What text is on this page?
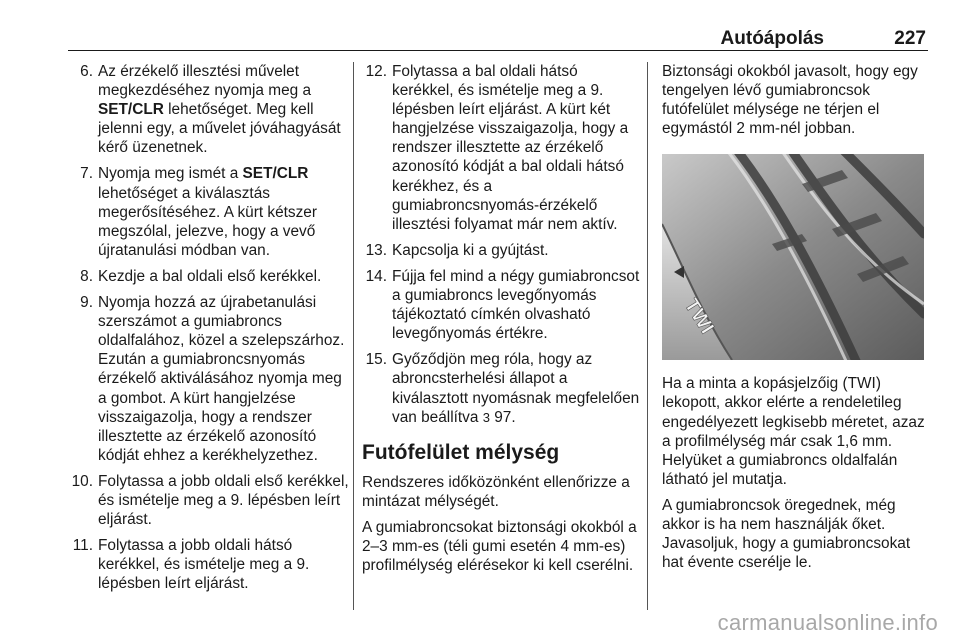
Autóápolás	227
6. Az érzékelő illesztési művelet megkezdéséhez nyomja meg a SET/CLR lehetőséget. Meg kell jelenni egy, a művelet jóváhagyását kérő üzenetnek.
7. Nyomja meg ismét a SET/CLR lehetőséget a kiválasztás megerősítéséhez. A kürt kétszer megszólal, jelezve, hogy a vevő újratanulási módban van.
8. Kezdje a bal oldali első kerékkel.
9. Nyomja hozzá az újrabetanulási szerszámot a gumiabroncs oldalfalához, közel a szelepszárhoz. Ezután a gumiabroncsnyomás érzékelő aktiválásához nyomja meg a gombot. A kürt hangjelzése visszaigazolja, hogy a rendszer illesztette az érzékelő azonosító kódját ehhez a kerékhelyzethez.
10. Folytassa a jobb oldali első kerékkel, és ismételje meg a 9. lépésben leírt eljárást.
11. Folytassa a jobb oldali hátsó kerékkel, és ismételje meg a 9. lépésben leírt eljárást.
12. Folytassa a bal oldali hátsó kerékkel, és ismételje meg a 9. lépésben leírt eljárást. A kürt két hangjelzése visszaigazolja, hogy a rendszer illesztette az érzékelő azonosító kódját a bal oldali hátsó kerékhez, és a gumiabroncsnyomás-érzékelő illesztési folyamat már nem aktív.
13. Kapcsolja ki a gyújtást.
14. Fújja fel mind a négy gumiabroncsot a gumiabroncs levegőnyomás tájékoztató címkén olvasható levegőnyomás értékre.
15. Győződjön meg róla, hogy az abroncsterhelési állapot a kiválasztott nyomásnak megfelelően van beállítva 3 97.
Futófelület mélység

Rendszeres időközönként ellenőrizze a mintázat mélységét.

A gumiabroncsokat biztonsági okokból a 2–3 mm-es (téli gumi esetén 4 mm-es) profilmélység elérésekor ki kell cserélni.

Biztonsági okokból javasolt, hogy egy tengelyen lévő gumiabroncsok futófelület mélysége ne térjen el egymástól 2 mm-nél jobban.

TWI

Ha a minta a kopásjelzőig (TWI) lekopott, akkor elérte a rendeletileg engedélyezett legkisebb méretet, azaz a profilmélység már csak 1,6 mm. Helyüket a gumiabroncs oldalfalán látható jel mutatja.

A gumiabroncsok öregednek, még akkor is ha nem használják őket. Javasoljuk, hogy a gumiabroncsokat hat évente cserélje le.

carmanualsonline.info
